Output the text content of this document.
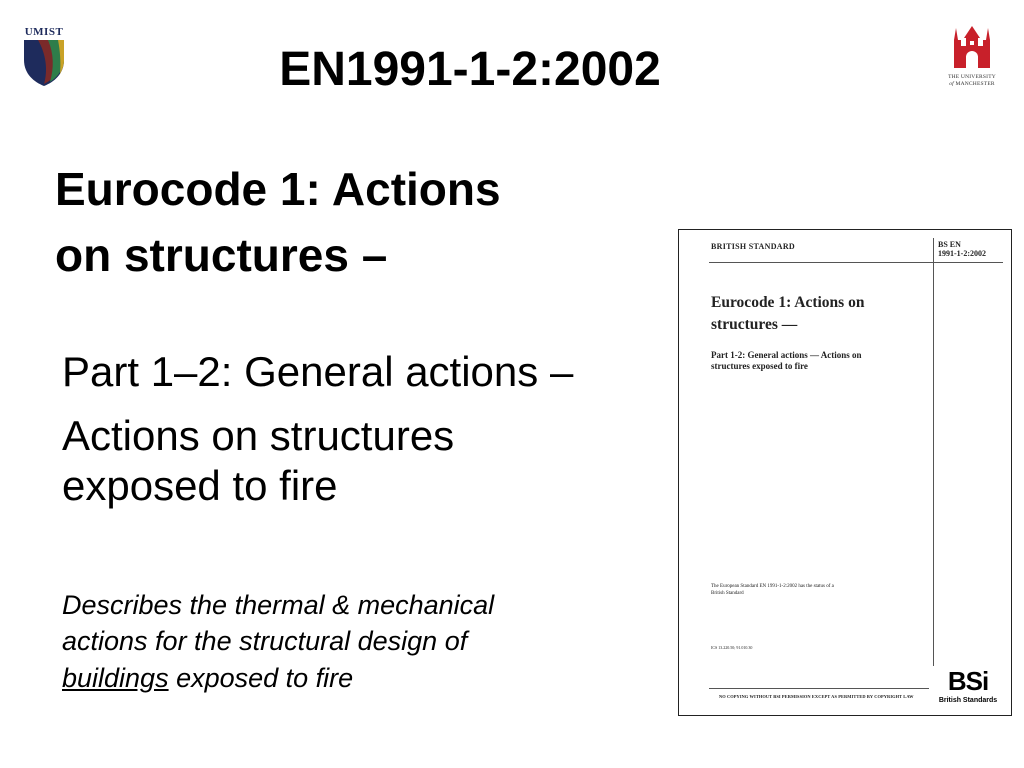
UMIST
THE UNIVERSITY
of MANCHESTER
EN1991-1-2:2002
Eurocode 1: Actions
on structures –
Part 1–2: General actions –
Actions on structures
exposed to fire
Describes the thermal & mechanical
actions for the structural design of
buildings exposed to fire
BRITISH STANDARD	BS EN
1991-1-2:2002
Eurocode 1: Actions on
structures —
Part 1-2: General actions — Actions on
structures exposed to fire
The European Standard EN 1991-1-2:2002 has the status of a
British Standard
ICS 13.220.50; 91.010.30
NO COPYING WITHOUT BSI PERMISSION EXCEPT AS PERMITTED BY COPYRIGHT LAW
BSi
British Standards
